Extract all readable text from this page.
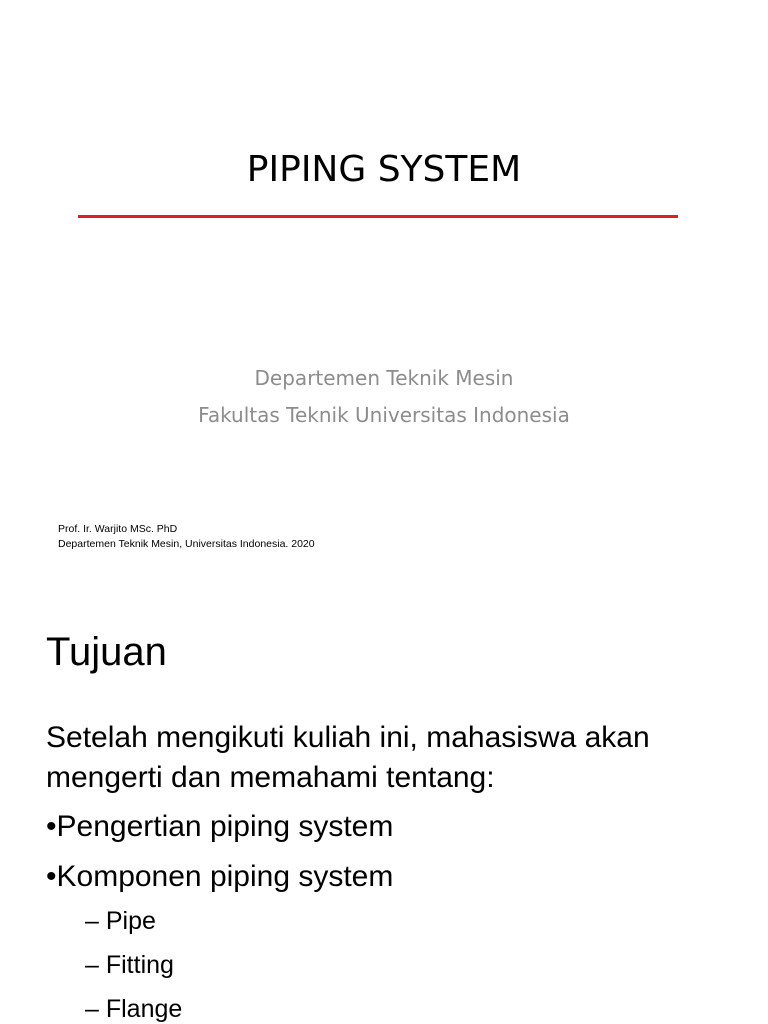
PIPING SYSTEM
Departemen Teknik Mesin
Fakultas Teknik Universitas Indonesia
Prof. Ir. Warjito MSc. PhD
Departemen Teknik Mesin, Universitas Indonesia. 2020
Tujuan
Setelah mengikuti kuliah ini, mahasiswa akan
mengerti dan memahami tentang:
•Pengertian piping system
•Komponen piping system
– Pipe
– Fitting
– Flange
